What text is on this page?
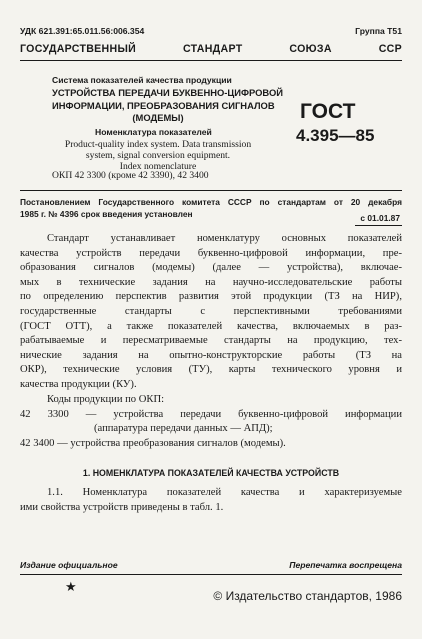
УДК 621.391:65.011.56:006.354	Группа Т51
ГОСУДАРСТВЕННЫЙ СТАНДАРТ СОЮЗА ССР
Система показателей качества продукции
УСТРОЙСТВА ПЕРЕДАЧИ БУКВЕННО-ЦИФРОВОЙ
ИНФОРМАЦИИ, ПРЕОБРАЗОВАНИЯ СИГНАЛОВ
(МОДЕМЫ)
Номенклатура показателей
Product-quality index system. Data transmission
system, signal conversion equipment.
Index nomenclature
ГОСТ
4.395—85
ОКП 42 3300 (кроме 42 3390), 42 3400
Постановлением Государственного комитета СССР по стандартам от 20 декабря
1985 г. № 4396 срок введения установлен	с 01.01.87
Стандарт устанавливает номенклатуру основных показателей
качества устройств передачи буквенно-цифровой информации, пре-
образования сигналов (модемы) (далее — устройства), включае-
мых в технические задания на научно-исследовательские работы
по определению перспектив развития этой продукции (ТЗ на НИР),
государственные стандарты с перспективными требованиями
(ГОСТ ОТТ), а также показателей качества, включаемых в раз-
рабатываемые и пересматриваемые стандарты на продукцию, тех-
нические задания на опытно-конструкторские работы (ТЗ на
ОКР), технические условия (ТУ), карты технического уровня и
качества продукции (КУ).
Коды продукции по ОКП:
42 3300 — устройства передачи буквенно-цифровой информации
(аппаратура передачи данных — АПД);
42 3400 — устройства преобразования сигналов (модемы).
1. НОМЕНКЛАТУРА ПОКАЗАТЕЛЕЙ КАЧЕСТВА УСТРОЙСТВ
1.1. Номенклатура показателей качества и характеризуемые
ими свойства устройств приведены в табл. 1.
Издание официальное	Перепечатка воспрещена
★
© Издательство стандартов, 1986
